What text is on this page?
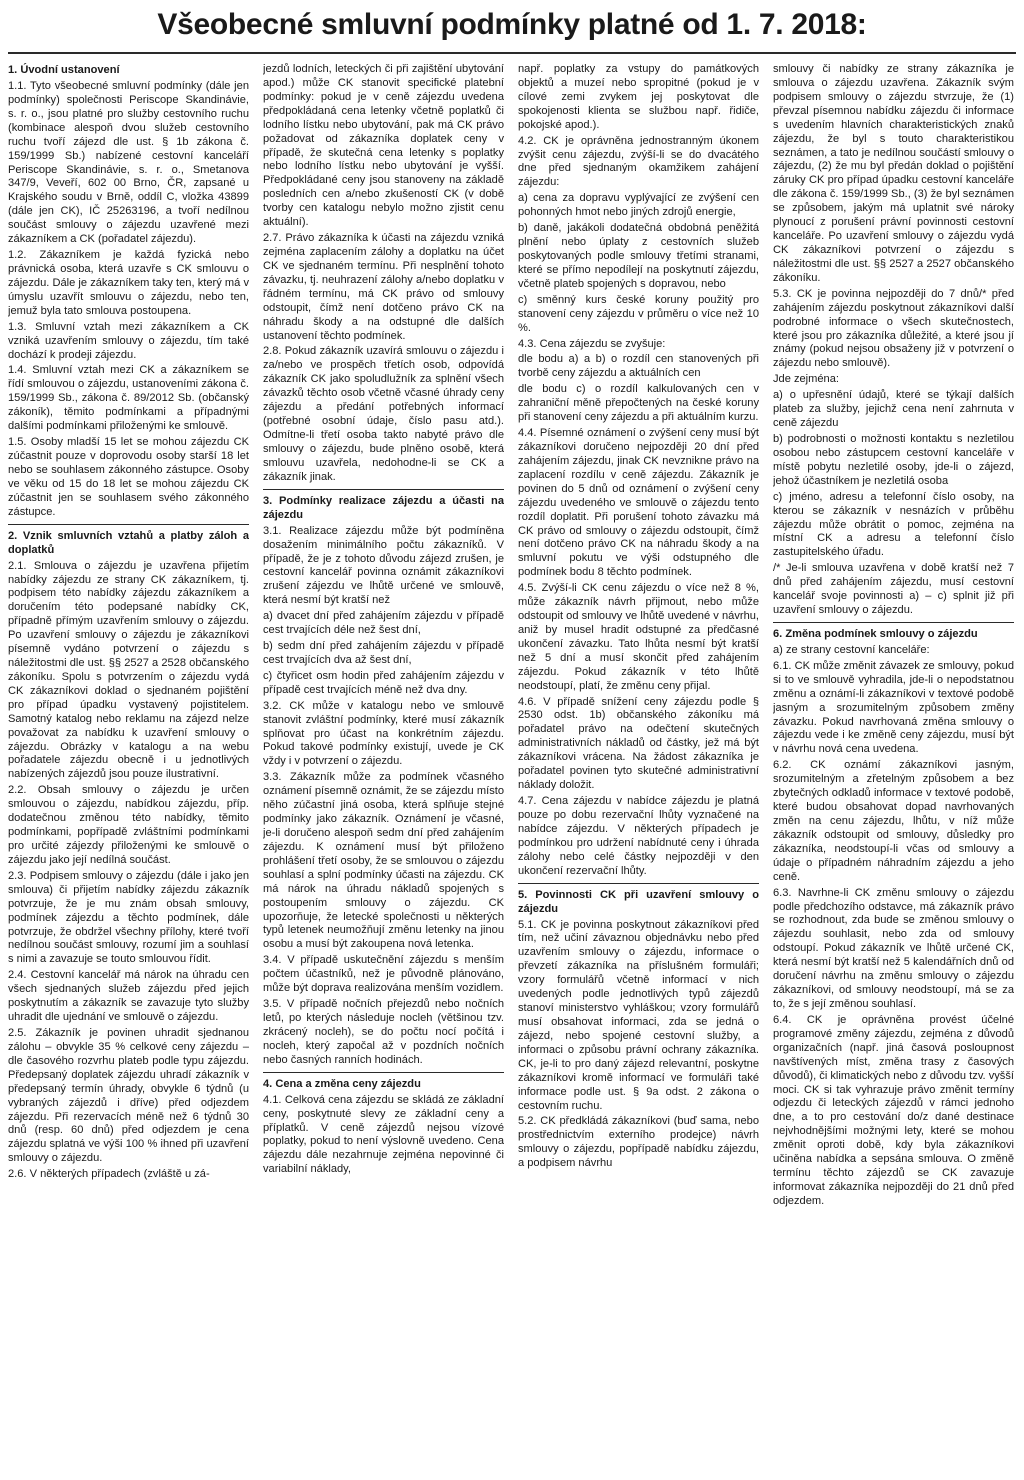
Všeobecné smluvní podmínky platné od 1. 7. 2018:
1. Úvodní ustanovení
1.1. Tyto všeobecné smluvní podmínky (dále jen podmínky) společnosti Periscope Skandinávie, s. r. o., jsou platné pro služby cestovního ruchu (kombinace alespoň dvou služeb cestovního ruchu tvoří zájezd dle ust. § 1b zákona č. 159/1999 Sb.) nabízené cestovní kanceláří Periscope Skandinávie, s. r. o., Smetanova 347/9, Veveří, 602 00 Brno, ČR, zapsané u Krajského soudu v Brně, oddíl C, vložka 43899 (dále jen CK), IČ 25263196, a tvoří nedílnou součást smlouvy o zájezdu uzavřené mezi zákazníkem a CK (pořadatel zájezdu).
1.2. Zákazníkem je každá fyzická nebo právnická osoba, která uzavře s CK smlouvu o zájezdu. Dále je zákazníkem taky ten, který má v úmyslu uzavřít smlouvu o zájezdu, nebo ten, jemuž byla tato smlouva postoupena.
1.3. Smluvní vztah mezi zákazníkem a CK vzniká uzavřením smlouvy o zájezdu, tím také dochází k prodeji zájezdu.
1.4. Smluvní vztah mezi CK a zákazníkem se řídí smlouvou o zájezdu, ustanoveními zákona č. 159/1999 Sb., zákona č. 89/2012 Sb. (občanský zákoník), těmito podmínkami a případnými dalšími podmínkami přiloženými ke smlouvě.
1.5. Osoby mladší 15 let se mohou zájezdu CK zúčastnit pouze v doprovodu osoby starší 18 let nebo se souhlasem zákonného zástupce. Osoby ve věku od 15 do 18 let se mohou zájezdu CK zúčastnit jen se souhlasem svého zákonného zástupce.
2. Vznik smluvních vztahů a platby záloh a doplatků
2.1. Smlouva o zájezdu je uzavřena přijetím nabídky zájezdu ze strany CK zákazníkem, tj. podpisem této nabídky zájezdu zákazníkem a doručením této podepsané nabídky CK, případně přímým uzavřením smlouvy o zájezdu. Po uzavření smlouvy o zájezdu je zákazníkovi písemně vydáno potvrzení o zájezdu s náležitostmi dle ust. §§ 2527 a 2528 občanského zákoníku. Spolu s potvrzením o zájezdu vydá CK zákazníkovi doklad o sjednaném pojištění pro případ úpadku vystavený pojistitelem. Samotný katalog nebo reklamu na zájezd nelze považovat za nabídku k uzavření smlouvy o zájezdu. Obrázky v katalogu a na webu pořadatele zájezdu obecně i u jednotlivých nabízených zájezdů jsou pouze ilustrativní.
2.2. Obsah smlouvy o zájezdu je určen smlouvou o zájezdu, nabídkou zájezdu, příp. dodatečnou změnou této nabídky, těmito podmínkami, popřípadě zvláštními podmínkami pro určité zájezdy přiloženými ke smlouvě o zájezdu jako její nedílná součást.
2.3. Podpisem smlouvy o zájezdu (dále i jako jen smlouva) či přijetím nabídky zájezdu zákazník potvrzuje, že je mu znám obsah smlouvy, podmínek zájezdu a těchto podmínek, dále potvrzuje, že obdržel všechny přílohy, které tvoří nedílnou součást smlouvy, rozumí jim a souhlasí s nimi a zavazuje se touto smlouvou řídit.
2.4. Cestovní kancelář má nárok na úhradu cen všech sjednaných služeb zájezdu před jejich poskytnutím a zákazník se zavazuje tyto služby uhradit dle ujednání ve smlouvě o zájezdu.
2.5. Zákazník je povinen uhradit sjednanou zálohu – obvykle 35 % celkové ceny zájezdu – dle časového rozvrhu plateb podle typu zájezdu. Předepsaný doplatek zájezdu uhradí zákazník v předepsaný termín úhrady, obvykle 6 týdnů (u vybraných zájezdů i dříve) před odjezdem zájezdu. Při rezervacích méně než 6 týdnů 30 dnů (resp. 60 dnů) před odjezdem je cena zájezdu splatná ve výši 100 % ihned při uzavření smlouvy o zájezdu.
2.6. V některých případech (zvláště u zá-
jezdů lodních, leteckých či při zajištění ubytování apod.) může CK stanovit specifické platební podmínky: pokud je v ceně zájezdu uvedena předpokládaná cena letenky včetně poplatků či lodního lístku nebo ubytování, pak má CK právo požadovat od zákazníka doplatek ceny v případě, že skutečná cena letenky s poplatky nebo lodního lístku nebo ubytování je vyšší. Předpokládané ceny jsou stanoveny na základě posledních cen a/nebo zkušeností CK (v době tvorby cen katalogu nebylo možno zjistit cenu aktuální).
2.7. Právo zákazníka k účasti na zájezdu vzniká zejména zaplacením zálohy a doplatku na účet CK ve sjednaném termínu. Při nesplnění tohoto závazku, tj. neuhrazení zálohy a/nebo doplatku v řádném termínu, má CK právo od smlouvy odstoupit, čímž není dotčeno právo CK na náhradu škody a na odstupné dle dalších ustanovení těchto podmínek.
2.8. Pokud zákazník uzavírá smlouvu o zájezdu i za/nebo ve prospěch třetích osob, odpovídá zákazník CK jako spoludlužník za splnění všech závazků těchto osob včetně včasné úhrady ceny zájezdu a předání potřebných informací (potřebné osobní údaje, číslo pasu atd.). Odmítne-li třetí osoba takto nabyté právo dle smlouvy o zájezdu, bude plněno osobě, která smlouvu uzavřela, nedohodne-li se CK a zákazník jinak.
3. Podmínky realizace zájezdu a účasti na zájezdu
3.1. Realizace zájezdu může být podmíněna dosažením minimálního počtu zákazníků. V případě, že je z tohoto důvodu zájezd zrušen, je cestovní kancelář povinna oznámit zákazníkovi zrušení zájezdu ve lhůtě určené ve smlouvě, která nesmí být kratší než
a) dvacet dní před zahájením zájezdu v případě cest trvajících déle než šest dní,
b) sedm dní před zahájením zájezdu v případě cest trvajících dva až šest dní,
c) čtyřicet osm hodin před zahájením zájezdu v případě cest trvajících méně než dva dny.
3.2. CK může v katalogu nebo ve smlouvě stanovit zvláštní podmínky, které musí zákazník splňovat pro účast na konkrétním zájezdu. Pokud takové podmínky existují, uvede je CK vždy i v potvrzení o zájezdu.
3.3. Zákazník může za podmínek včasného oznámení písemně oznámit, že se zájezdu místo něho zúčastní jiná osoba, která splňuje stejné podmínky jako zákazník. Oznámení je včasné, je-li doručeno alespoň sedm dní před zahájením zájezdu. K oznámení musí být přiloženo prohlášení třetí osoby, že se smlouvou o zájezdu souhlasí a splní podmínky účasti na zájezdu. CK má nárok na úhradu nákladů spojených s postoupením smlouvy o zájezdu. CK upozorňuje, že letecké společnosti u některých typů letenek neumožňují změnu letenky na jinou osobu a musí být zakoupena nová letenka.
3.4. V případě uskutečnění zájezdu s menším počtem účastníků, než je původně plánováno, může být doprava realizována menším vozidlem.
3.5. V případě nočních přejezdů nebo nočních letů, po kterých následuje nocleh (většinou tzv. zkrácený nocleh), se do počtu nocí počítá i nocleh, který započal až v pozdních nočních nebo časných ranních hodinách.
4. Cena a změna ceny zájezdu
4.1. Celková cena zájezdu se skládá ze základní ceny, poskytnuté slevy ze základní ceny a příplatků. V ceně zájezdů nejsou vízové poplatky, pokud to není výslovně uvedeno. Cena zájezdu dále nezahrnuje zejména nepovinné či variabilní náklady,
např. poplatky za vstupy do památkových objektů a muzeí nebo spropitné (pokud je v cílové zemi zvykem jej poskytovat dle spokojenosti klienta se službou např. řidiče, pokojské apod.).
4.2. CK je oprávněna jednostranným úkonem zvýšit cenu zájezdu, zvýší-li se do dvacátého dne před sjednaným okamžikem zahájení zájezdu:
a) cena za dopravu vyplývající ze zvýšení cen pohonných hmot nebo jiných zdrojů energie,
b) daně, jakákoli dodatečná obdobná peněžitá plnění nebo úplaty z cestovních služeb poskytovaných podle smlouvy třetími stranami, které se přímo nepodílejí na poskytnutí zájezdu, včetně plateb spojených s dopravou, nebo
c) směnný kurs české koruny použitý pro stanovení ceny zájezdu v průměru o více než 10 %.
4.3. Cena zájezdu se zvyšuje:
dle bodu a) a b) o rozdíl cen stanovených při tvorbě ceny zájezdu a aktuálních cen
dle bodu c) o rozdíl kalkulovaných cen v zahraniční měně přepočtených na české koruny při stanovení ceny zájezdu a při aktuálním kurzu.
4.4. Písemné oznámení o zvýšení ceny musí být zákazníkovi doručeno nejpozději 20 dní před zahájením zájezdu, jinak CK nevznikne právo na zaplacení rozdílu v ceně zájezdu. Zákazník je povinen do 5 dnů od oznámení o zvýšení ceny zájezdu uvedeného ve smlouvě o zájezdu tento rozdíl doplatit. Při porušení tohoto závazku má CK právo od smlouvy o zájezdu odstoupit, čímž není dotčeno právo CK na náhradu škody a na smluvní pokutu ve výši odstupného dle podmínek bodu 8 těchto podmínek.
4.5. Zvýší-li CK cenu zájezdu o více než 8 %, může zákazník návrh přijmout, nebo může odstoupit od smlouvy ve lhůtě uvedené v návrhu, aniž by musel hradit odstupné za předčasné ukončení závazku. Tato lhůta nesmí být kratší než 5 dní a musí skončit před zahájením zájezdu. Pokud zákazník v této lhůtě neodstoupí, platí, že změnu ceny přijal.
4.6. V případě snížení ceny zájezdu podle § 2530 odst. 1b) občanského zákoníku má pořadatel právo na odečtení skutečných administrativních nákladů od částky, jež má být zákazníkovi vrácena. Na žádost zákazníka je pořadatel povinen tyto skutečné administrativní náklady doložit.
4.7. Cena zájezdu v nabídce zájezdu je platná pouze po dobu rezervační lhůty vyznačené na nabídce zájezdu. V některých případech je podmínkou pro udržení nabídnuté ceny i úhrada zálohy nebo celé částky nejpozději v den ukončení rezervační lhůty.
5. Povinnosti CK při uzavření smlouvy o zájezdu
5.1. CK je povinna poskytnout zákazníkovi před tím, než učiní závaznou objednávku nebo před uzavřením smlouvy o zájezdu, informace o převzetí zákazníka na příslušném formuláři; vzory formulářů včetně informací v nich uvedených podle jednotlivých typů zájezdů stanoví ministerstvo vyhláškou; vzory formulářů musí obsahovat informaci, zda se jedná o zájezd, nebo spojené cestovní služby, a informaci o způsobu právní ochrany zákazníka. CK, je-li to pro daný zájezd relevantní, poskytne zákazníkovi kromě informací ve formuláři také informace podle ust. § 9a odst. 2 zákona o cestovním ruchu.
5.2. CK předkládá zákazníkovi (buď sama, nebo prostřednictvím externího prodejce) návrh smlouvy o zájezdu, popřípadě nabídku zájezdu, a podpisem návrhu
smlouvy či nabídky ze strany zákazníka je smlouva o zájezdu uzavřena. Zákazník svým podpisem smlouvy o zájezdu stvrzuje, že (1) převzal písemnou nabídku zájezdu či informace s uvedením hlavních charakteristických znaků zájezdu, že byl s touto charakteristikou seznámen, a tato je nedílnou součástí smlouvy o zájezdu, (2) že mu byl předán doklad o pojištění záruky CK pro případ úpadku cestovní kanceláře dle zákona č. 159/1999 Sb., (3) že byl seznámen se způsobem, jakým má uplatnit své nároky plynoucí z porušení právní povinnosti cestovní kanceláře. Po uzavření smlouvy o zájezdu vydá CK zákazníkovi potvrzení o zájezdu s náležitostmi dle ust. §§ 2527 a 2527 občanského zákoníku.
5.3. CK je povinna nejpozději do 7 dnů/* před zahájením zájezdu poskytnout zákazníkovi další podrobné informace o všech skutečnostech, které jsou pro zákazníka důležité, a které jsou jí známy (pokud nejsou obsaženy již v potvrzení o zájezdu nebo smlouvě).
Jde zejména:
a) o upřesnění údajů, které se týkají dalších plateb za služby, jejichž cena není zahrnuta v ceně zájezdu
b) podrobnosti o možnosti kontaktu s nezletilou osobou nebo zástupcem cestovní kanceláře v místě pobytu nezletilé osoby, jde-li o zájezd, jehož účastníkem je nezletilá osoba
c) jméno, adresu a telefonní číslo osoby, na kterou se zákazník v nesnázích v průběhu zájezdu může obrátit o pomoc, zejména na místní CK a adresu a telefonní číslo zastupitelského úřadu.
/* Je-li smlouva uzavřena v době kratší než 7 dnů před zahájením zájezdu, musí cestovní kancelář svoje povinnosti a) – c) splnit již při uzavření smlouvy o zájezdu.
6. Změna podmínek smlouvy o zájezdu
a) ze strany cestovní kanceláře:
6.1. CK může změnit závazek ze smlouvy, pokud si to ve smlouvě vyhradila, jde-li o nepodstatnou změnu a oznámí-li zákazníkovi v textové podobě jasným a srozumitelným způsobem změny závazku. Pokud navrhovaná změna smlouvy o zájezdu vede i ke změně ceny zájezdu, musí být v návrhu nová cena uvedena.
6.2. CK oznámí zákazníkovi jasným, srozumitelným a zřetelným způsobem a bez zbytečných odkladů informace v textové podobě, které budou obsahovat dopad navrhovaných změn na cenu zájezdu, lhůtu, v níž může zákazník odstoupit od smlouvy, důsledky pro zákazníka, neodstoupí-li včas od smlouvy a údaje o případném náhradním zájezdu a jeho ceně.
6.3. Navrhne-li CK změnu smlouvy o zájezdu podle předchozího odstavce, má zákazník právo se rozhodnout, zda bude se změnou smlouvy o zájezdu souhlasit, nebo zda od smlouvy odstoupí. Pokud zákazník ve lhůtě určené CK, která nesmí být kratší než 5 kalendářních dnů od doručení návrhu na změnu smlouvy o zájezdu zákazníkovi, od smlouvy neodstoupí, má se za to, že s její změnou souhlasí.
6.4. CK je oprávněna provést účelné programové změny zájezdu, zejména z důvodů organizačních (např. jiná časová posloupnost navštívených míst, změna trasy z časových důvodů), či klimatických nebo z důvodu tzv. vyšší moci. CK si tak vyhrazuje právo změnit termíny odjezdu či leteckých zájezdů v rámci jednoho dne, a to pro cestování do/z dané destinace nejvhodnějšími možnými lety, které se mohou změnit oproti době, kdy byla zákazníkovi učiněna nabídka a sepsána smlouva. O změně termínu těchto zájezdů se CK zavazuje informovat zákazníka nejpozději do 21 dnů před odjezdem.
